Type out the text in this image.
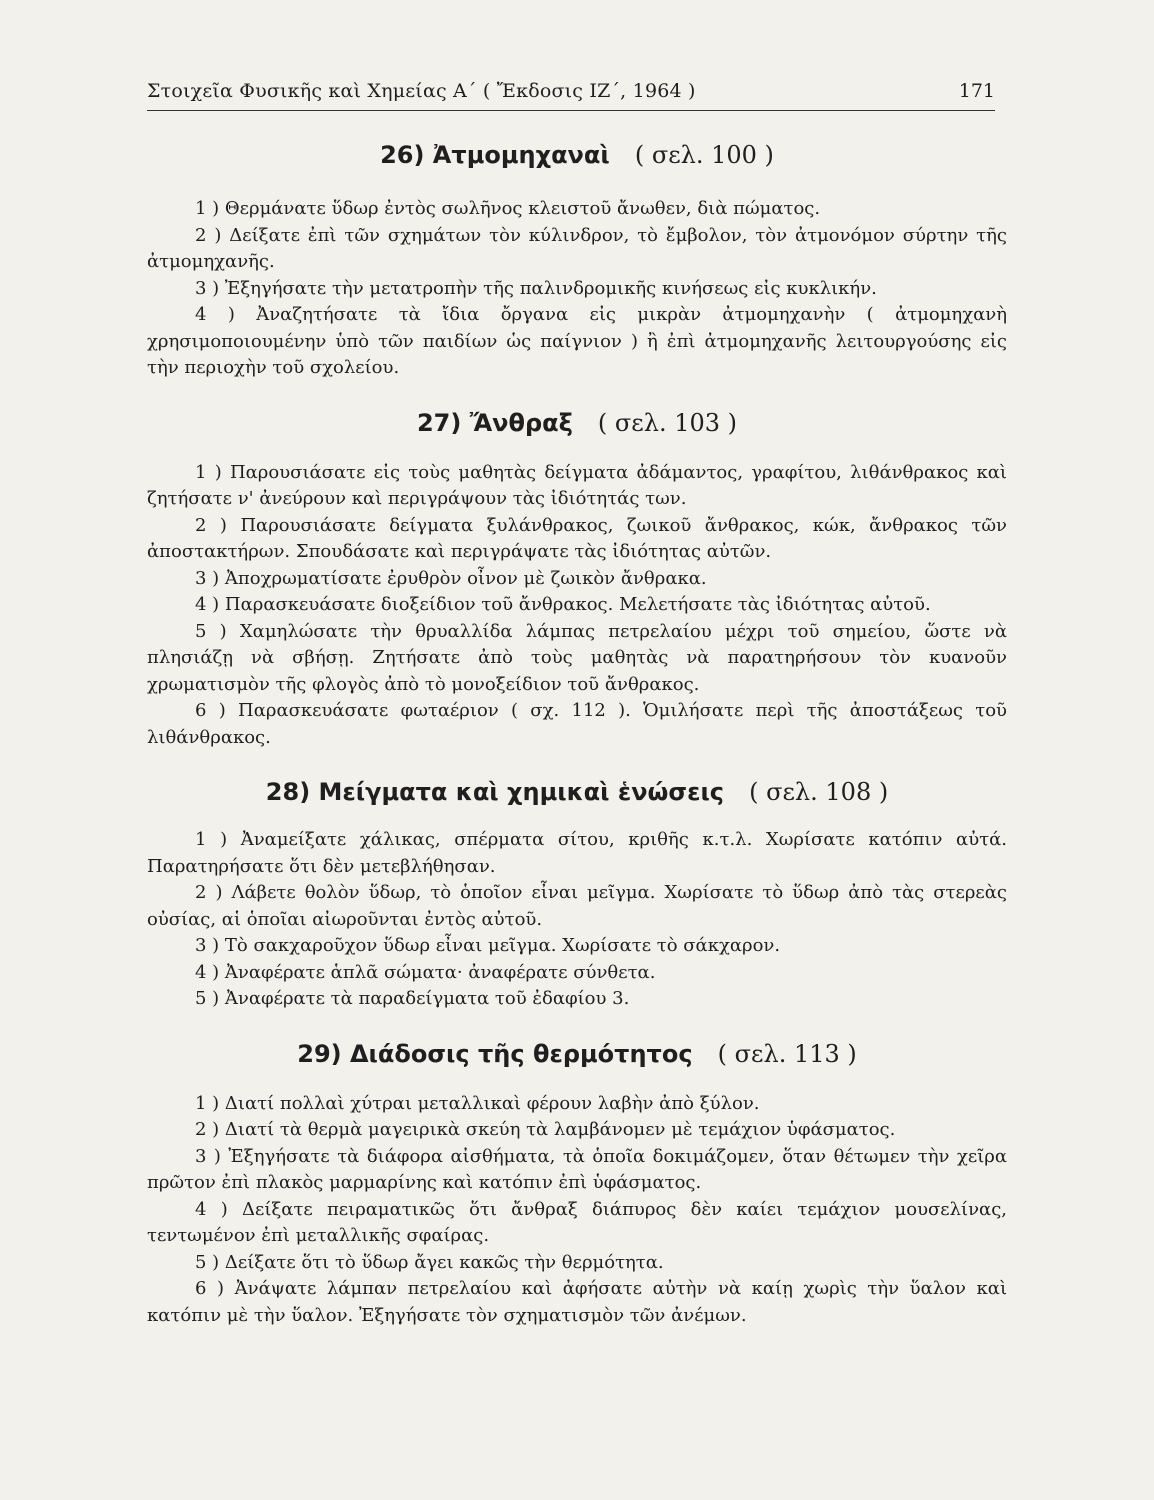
Στοιχεῖα Φυσικῆς καὶ Χημείας Α΄ ( Ἔκδοσις ΙΖ΄, 1964 )	171
26) Ἀτμομηχαναὶ ( σελ. 100 )

1 ) Θερμάνατε ὕδωρ ἐντὸς σωλῆνος κλειστοῦ ἄνωθεν, διὰ πώματος.

2 ) Δείξατε ἐπὶ τῶν σχημάτων τὸν κύλινδρον, τὸ ἔμβολον, τὸν ἀτμονόμον σύρτην τῆς ἀτμομηχανῆς.

3 ) Ἐξηγήσατε τὴν μετατροπὴν τῆς παλινδρομικῆς κινήσεως εἰς κυκλικήν.

4 ) Ἀναζητήσατε τὰ ἴδια ὄργανα εἰς μικρὰν ἀτμομηχανὴν ( ἀτμομηχανὴ χρησιμοποιουμένην ὑπὸ τῶν παιδίων ὡς παίγνιον ) ἢ ἐπὶ ἀτμομηχανῆς λειτουργούσης εἰς τὴν περιοχὴν τοῦ σχολείου.

27) Ἄνθραξ ( σελ. 103 )

1 ) Παρουσιάσατε εἰς τοὺς μαθητὰς δείγματα ἀδάμαντος, γραφίτου, λιθάνθρακος καὶ ζητήσατε ν' ἀνεύρουν καὶ περιγράψουν τὰς ἰδιότητάς των.

2 ) Παρουσιάσατε δείγματα ξυλάνθρακος, ζωικοῦ ἄνθρακος, κώκ, ἄνθρακος τῶν ἀποστακτήρων. Σπουδάσατε καὶ περιγράψατε τὰς ἰδιότητας αὐτῶν.

3 ) Ἀποχρωματίσατε ἐρυθρὸν οἶνον μὲ ζωικὸν ἄνθρακα.

4 ) Παρασκευάσατε διοξείδιον τοῦ ἄνθρακος. Μελετήσατε τὰς ἰδιότητας αὐτοῦ.

5 ) Χαμηλώσατε τὴν θρυαλλίδα λάμπας πετρελαίου μέχρι τοῦ σημείου, ὥστε νὰ πλησιάζῃ νὰ σβήσῃ. Ζητήσατε ἀπὸ τοὺς μαθητὰς νὰ παρατηρήσουν τὸν κυανοῦν χρωματισμὸν τῆς φλογὸς ἀπὸ τὸ μονοξείδιον τοῦ ἄνθρακος.

6 ) Παρασκευάσατε φωταέριον ( σχ. 112 ). Ὁμιλήσατε περὶ τῆς ἀποστάξεως τοῦ λιθάνθρακος.

28) Μείγματα καὶ χημικαὶ ἑνώσεις ( σελ. 108 )

1 ) Ἀναμείξατε χάλικας, σπέρματα σίτου, κριθῆς κ.τ.λ. Χωρίσατε κατόπιν αὐτά. Παρατηρήσατε ὅτι δὲν μετεβλήθησαν.

2 ) Λάβετε θολὸν ὕδωρ, τὸ ὁποῖον εἶναι μεῖγμα. Χωρίσατε τὸ ὕδωρ ἀπὸ τὰς στερεὰς οὐσίας, αἱ ὁποῖαι αἰωροῦνται ἐντὸς αὐτοῦ.

3 ) Τὸ σακχαροῦχον ὕδωρ εἶναι μεῖγμα. Χωρίσατε τὸ σάκχαρον.

4 ) Ἀναφέρατε ἁπλᾶ σώματα· ἀναφέρατε σύνθετα.

5 ) Ἀναφέρατε τὰ παραδείγματα τοῦ ἐδαφίου 3.

29) Διάδοσις τῆς θερμότητος ( σελ. 113 )

1 ) Διατί πολλαὶ χύτραι μεταλλικαὶ φέρουν λαβὴν ἀπὸ ξύλον.

2 ) Διατί τὰ θερμὰ μαγειρικὰ σκεύη τὰ λαμβάνομεν μὲ τεμάχιον ὑφάσματος.

3 ) Ἐξηγήσατε τὰ διάφορα αἰσθήματα, τὰ ὁποῖα δοκιμάζομεν, ὅταν θέτωμεν τὴν χεῖρα πρῶτον ἐπὶ πλακὸς μαρμαρίνης καὶ κατόπιν ἐπὶ ὑφάσματος.

4 ) Δείξατε πειραματικῶς ὅτι ἄνθραξ διάπυρος δὲν καίει τεμάχιον μουσελίνας, τεντωμένον ἐπὶ μεταλλικῆς σφαίρας.

5 ) Δείξατε ὅτι τὸ ὕδωρ ἄγει κακῶς τὴν θερμότητα.

6 ) Ἀνάψατε λάμπαν πετρελαίου καὶ ἀφήσατε αὐτὴν νὰ καίῃ χωρὶς τὴν ὕαλον καὶ κατόπιν μὲ τὴν ὕαλον. Ἐξηγήσατε τὸν σχηματισμὸν τῶν ἀνέμων.
